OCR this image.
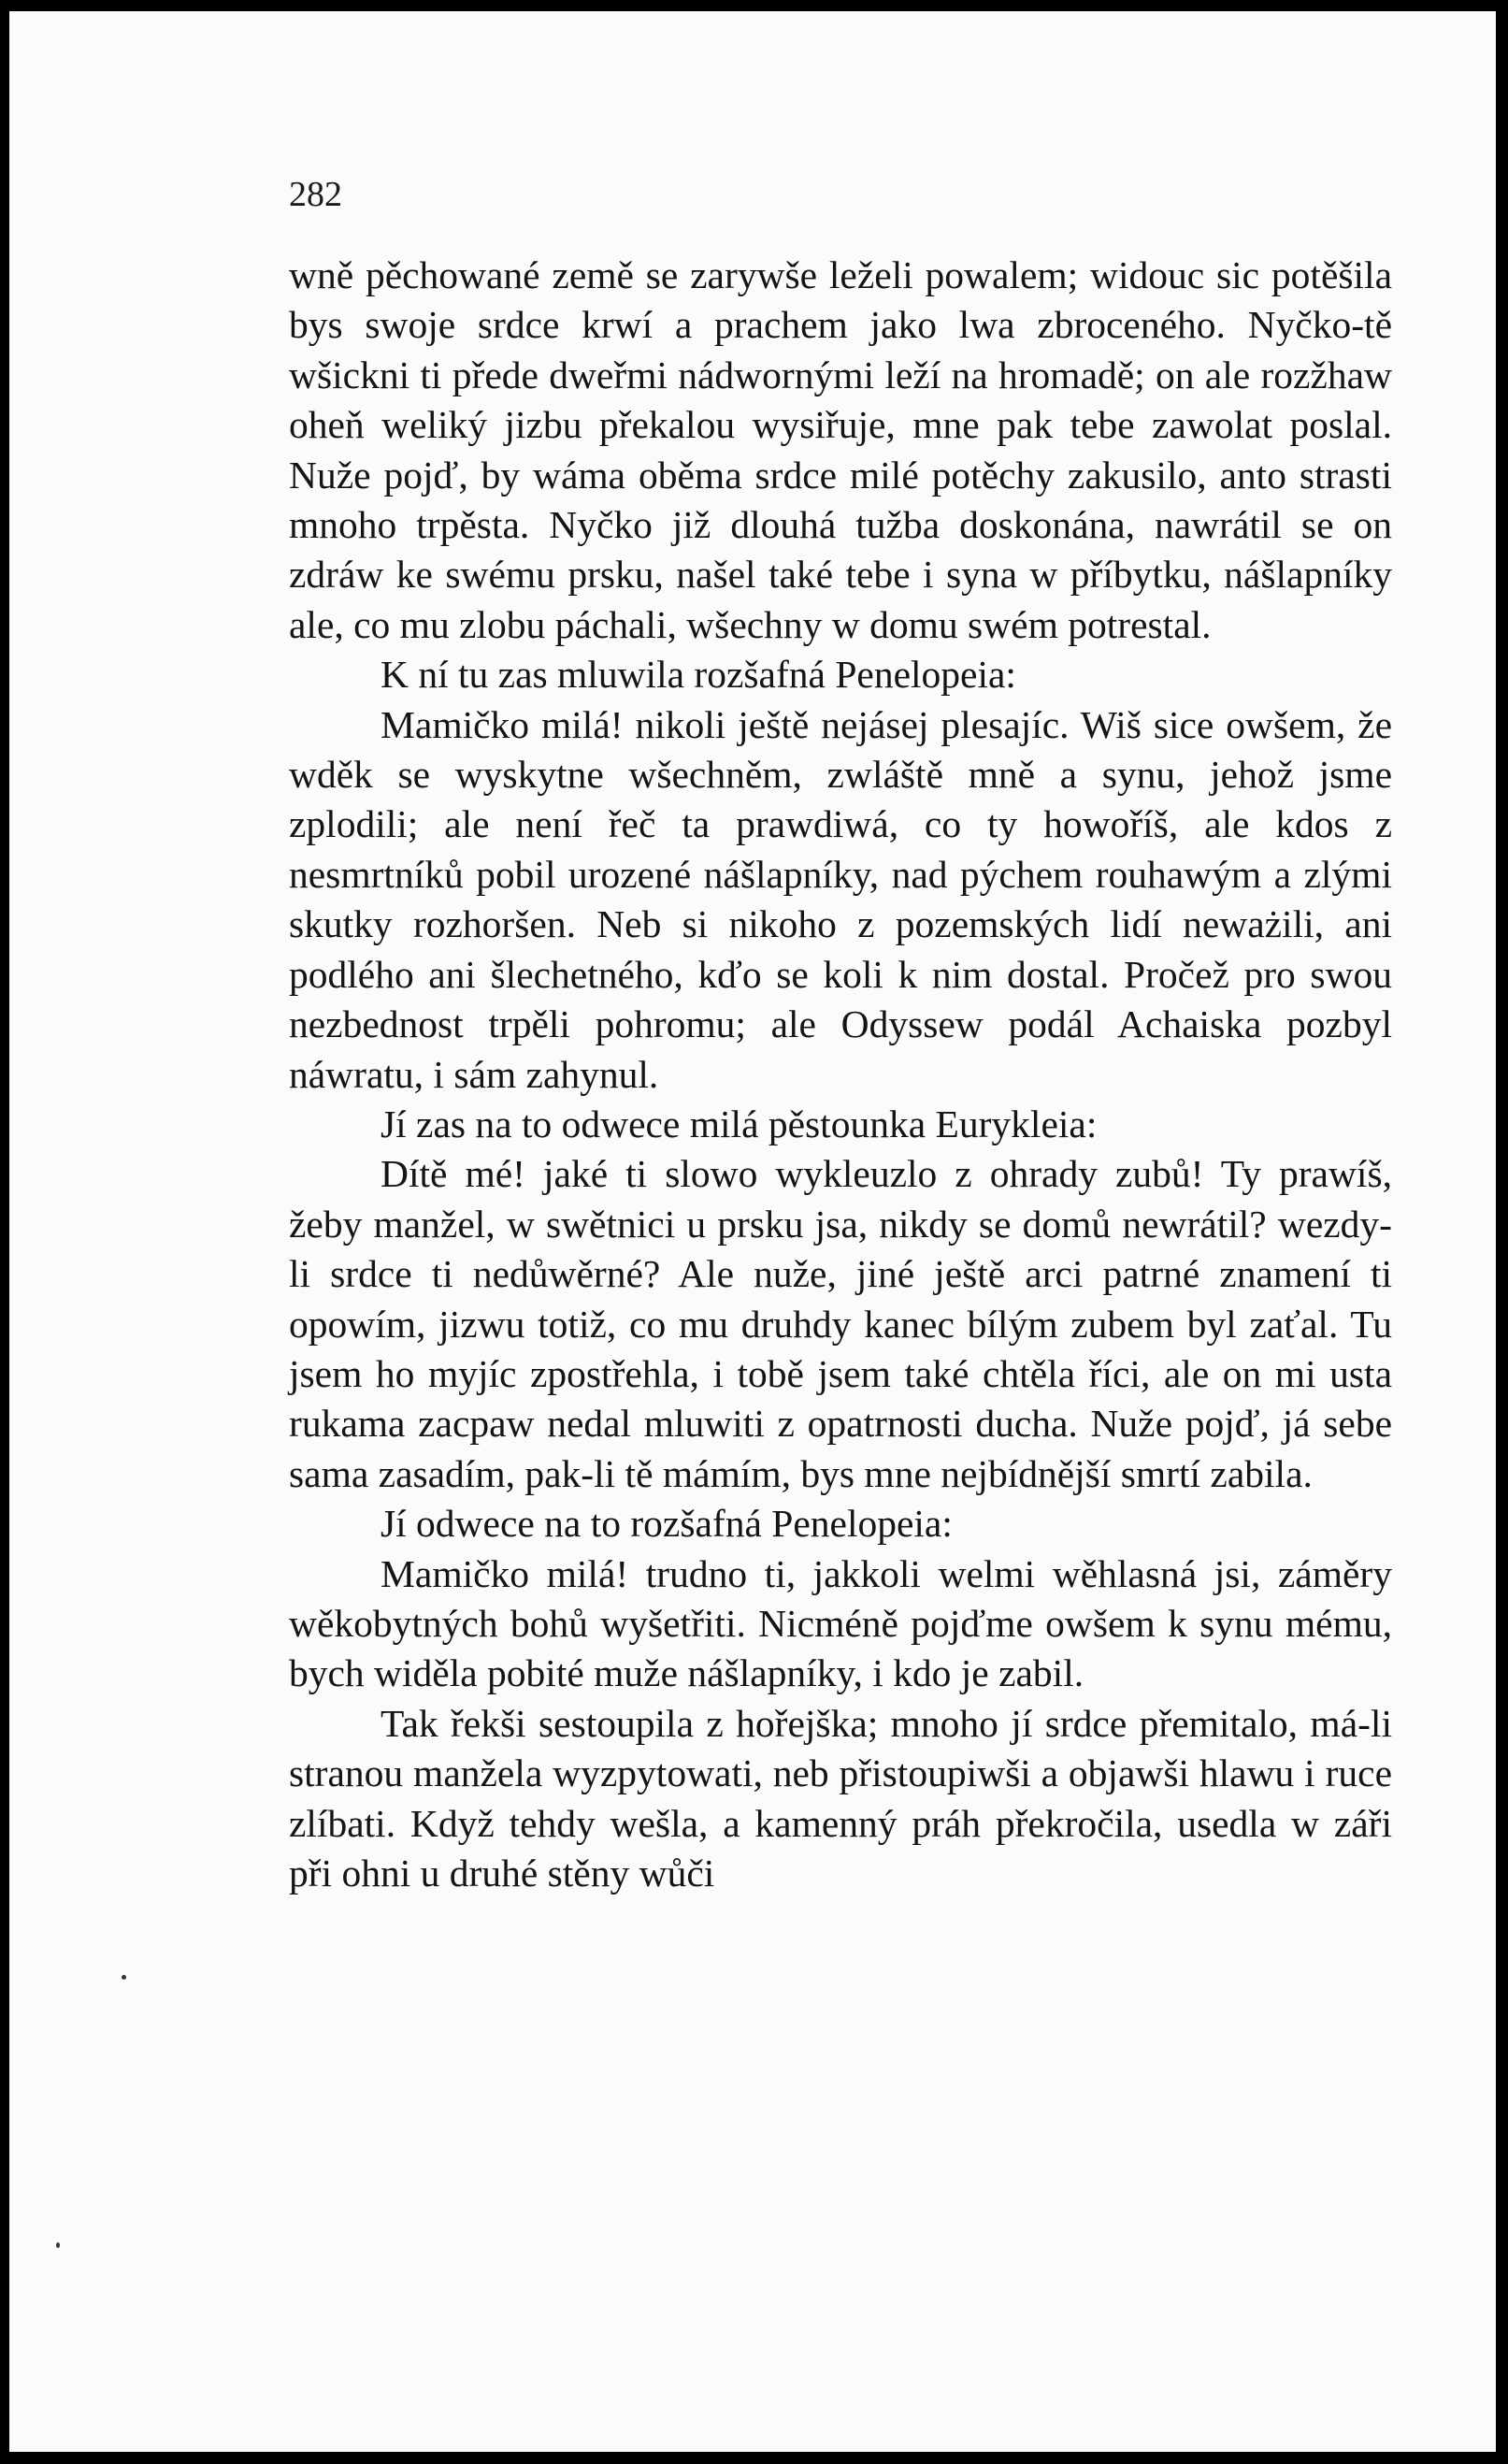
282

wně pěchowané země se zarywše leželi powalem; widouc sic potěšila bys swoje srdce krwí a prachem jako lwa zbroceného. Nyčko-tě wšickni ti přede dweřmi nádwornými leží na hromadě; on ale rozžhaw oheň weliký jizbu překalou wysiřuje, mne pak tebe zawolat poslal. Nuže pojď, by wáma oběma srdce milé potěchy zakusilo, anto strasti mnoho trpěsta. Nyčko již dlouhá tužba doskonána, nawrátil se on zdráw ke swému prsku, našel také tebe i syna w příbytku, nášlapníky ale, co mu zlobu páchali, wšechny w domu swém potrestal.

K ní tu zas mluwila rozšafná Penelopeia:

Mamičko milá! nikoli ještě nejásej plesajíc. Wiš sice owšem, že wděk se wyskytne wšechněm, zwláště mně a synu, jehož jsme zplodili; ale není řeč ta prawdiwá, co ty howoříš, ale kdos z nesmrtníků pobil urozené nášlapníky, nad pýchem rouhawým a zlými skutky rozhoršen. Neb si nikoho z pozemských lidí neważili, ani podlého ani šlechetného, kďo se koli k nim dostal. Pročež pro swou nezbednost trpěli pohromu; ale Odyssew podál Achaiska pozbyl náwratu, i sám zahynul.

Jí zas na to odwece milá pěstounka Eurykleia:

Dítě mé! jaké ti slowo wykleuzlo z ohrady zubů! Ty prawíš, žeby manžel, w swětnici u prsku jsa, nikdy se domů newrátil? wezdy-li srdce ti nedůwěrné? Ale nuže, jiné ještě arci patrné znamení ti opowím, jizwu totiž, co mu druhdy kanec bílým zubem byl zaťal. Tu jsem ho myjíc zpostřehla, i tobě jsem také chtěla říci, ale on mi usta rukama zacpaw nedal mluwiti z opatrnosti ducha. Nuže pojď, já sebe sama zasadím, pak-li tě mámím, bys mne nejbídnější smrtí zabila.

Jí odwece na to rozšafná Penelopeia:

Mamičko milá! trudno ti, jakkoli welmi wěhlasná jsi, záměry wěkobytných bohů wyšetřiti. Nicméně pojďme owšem k synu mému, bych widěla pobité muže nášlapníky, i kdo je zabil.

Tak řekši sestoupila z hořejška; mnoho jí srdce přemitalo, má-li stranou manžela wyzpytowati, neb přistoupiwši a objawši hlawu i ruce zlíbati. Když tehdy wešla, a kamenný práh překročila, usedla w záři při ohni u druhé stěny wůči
